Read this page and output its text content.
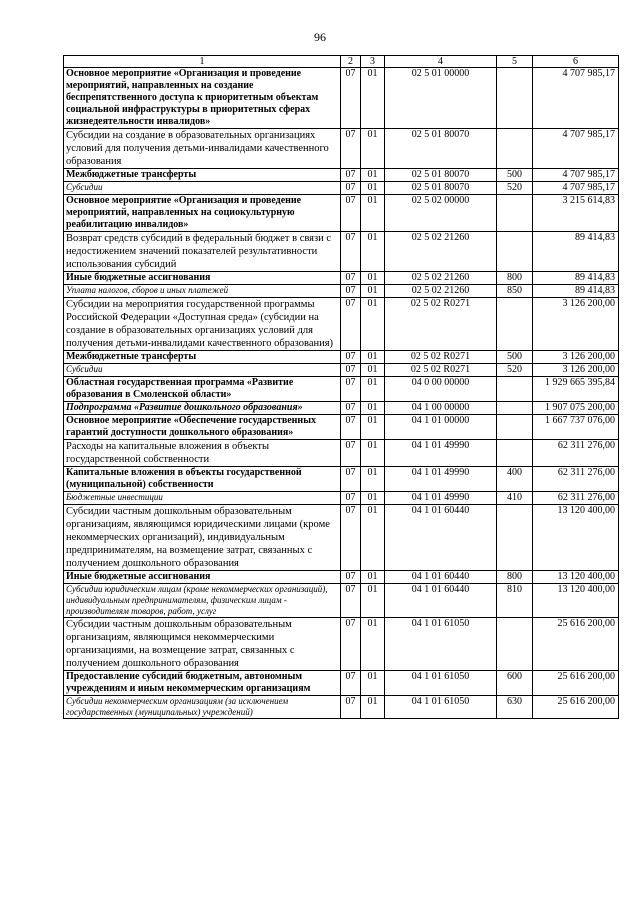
96
1	2	3	4	5	6
Основное мероприятие «Организация и проведение мероприятий, направленных на создание беспрепятственного доступа к приоритетным объектам социальной инфраструктуры в приоритетных сферах жизнедеятельности инвалидов»	07	01	02 5 01 00000		4 707 985,17
Субсидии на создание в образовательных организациях условий для получения детьми-инвалидами качественного образования	07	01	02 5 01 80070		4 707 985,17
Межбюджетные трансферты	07	01	02 5 01 80070	500	4 707 985,17
Субсидии	07	01	02 5 01 80070	520	4 707 985,17
Основное мероприятие «Организация и проведение мероприятий, направленных на социокультурную реабилитацию инвалидов»	07	01	02 5 02 00000		3 215 614,83
Возврат средств субсидий в федеральный бюджет в связи с недостижением значений показателей результативности использования субсидий	07	01	02 5 02 21260		89 414,83
Иные бюджетные ассигнования	07	01	02 5 02 21260	800	89 414,83
Уплата налогов, сборов и иных платежей	07	01	02 5 02 21260	850	89 414,83
Субсидии на мероприятия государственной программы Российской Федерации «Доступная среда» (субсидии на создание в образовательных организациях условий для получения детьми-инвалидами качественного образования)	07	01	02 5 02 R0271		3 126 200,00
Межбюджетные трансферты	07	01	02 5 02 R0271	500	3 126 200,00
Субсидии	07	01	02 5 02 R0271	520	3 126 200,00
Областная государственная программа «Развитие образования в Смоленской области»	07	01	04 0 00 00000		1 929 665 395,84
Подпрограмма «Развитие дошкольного образования»	07	01	04 1 00 00000		1 907 075 200,00
Основное мероприятие «Обеспечение государственных гарантий доступности дошкольного образования»	07	01	04 1 01 00000		1 667 737 076,00
Расходы на капитальные вложения в объекты государственной собственности	07	01	04 1 01 49990		62 311 276,00
Капитальные вложения в объекты государственной (муниципальной) собственности	07	01	04 1 01 49990	400	62 311 276,00
Бюджетные инвестиции	07	01	04 1 01 49990	410	62 311 276,00
Субсидии частным дошкольным образовательным организациям, являющимся юридическими лицами (кроме некоммерческих организаций), индивидуальным предпринимателям, на возмещение затрат, связанных с получением дошкольного образования	07	01	04 1 01 60440		13 120 400,00
Иные бюджетные ассигнования	07	01	04 1 01 60440	800	13 120 400,00
Субсидии юридическим лицам (кроме некоммерческих организаций), индивидуальным предпринимателям, физическим лицам - производителям товаров, работ, услуг	07	01	04 1 01 60440	810	13 120 400,00
Субсидии частным дошкольным образовательным организациям, являющимся некоммерческими организациями, на возмещение затрат, связанных с получением дошкольного образования	07	01	04 1 01 61050		25 616 200,00
Предоставление субсидий бюджетным, автономным учреждениям и иным некоммерческим организациям	07	01	04 1 01 61050	600	25 616 200,00
Субсидии некоммерческим организациям (за исключением государственных (муниципальных) учреждений)	07	01	04 1 01 61050	630	25 616 200,00
